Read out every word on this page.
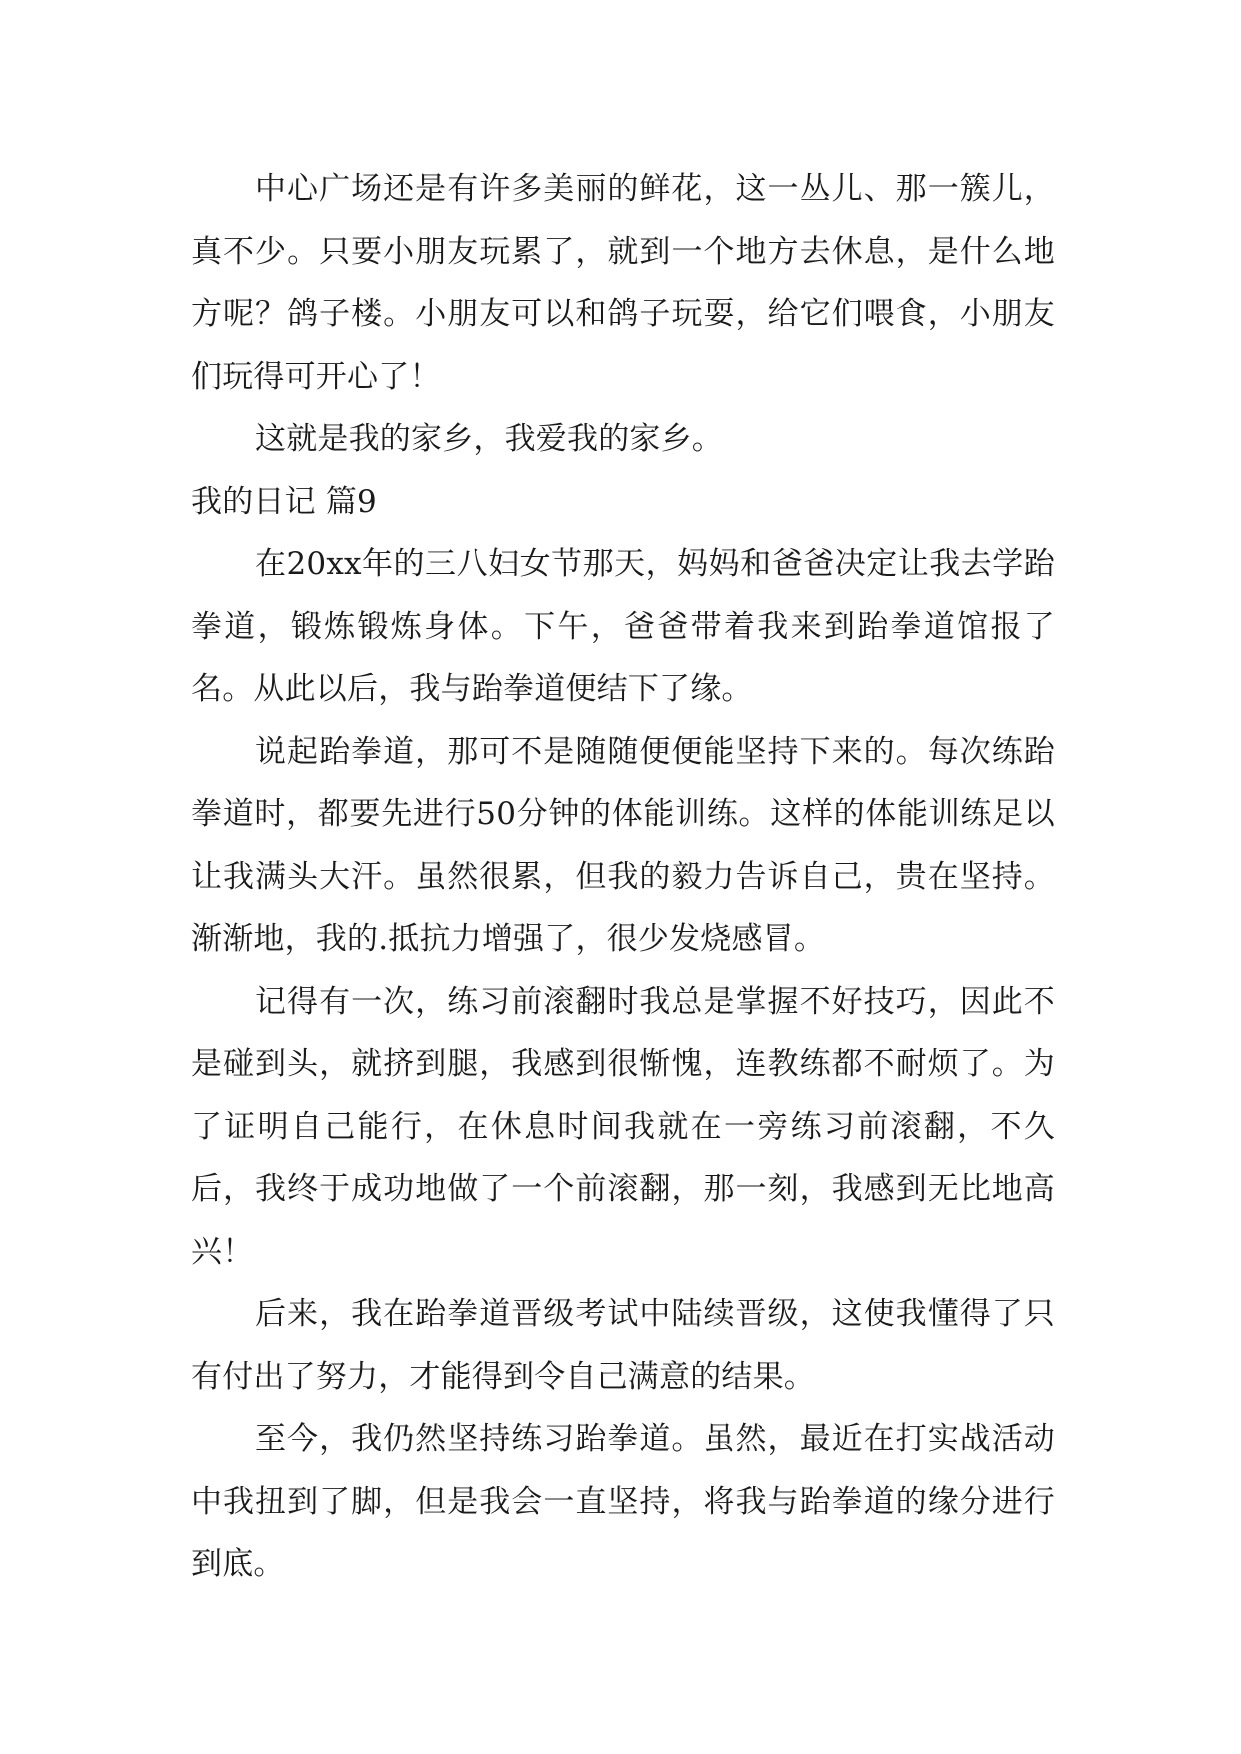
中心广场还是有许多美丽的鲜花，这一丛儿、那一簇儿，真不少。只要小朋友玩累了，就到一个地方去休息，是什么地方呢？鸽子楼。小朋友可以和鸽子玩耍，给它们喂食，小朋友们玩得可开心了！

这就是我的家乡，我爱我的家乡。

我的日记 篇9

在20xx年的三八妇女节那天，妈妈和爸爸决定让我去学跆拳道，锻炼锻炼身体。下午，爸爸带着我来到跆拳道馆报了名。从此以后，我与跆拳道便结下了缘。

说起跆拳道，那可不是随随便便能坚持下来的。每次练跆拳道时，都要先进行50分钟的体能训练。这样的体能训练足以让我满头大汗。虽然很累，但我的毅力告诉自己，贵在坚持。渐渐地，我的.抵抗力增强了，很少发烧感冒。

记得有一次，练习前滚翻时我总是掌握不好技巧，因此不是碰到头，就挤到腿，我感到很惭愧，连教练都不耐烦了。为了证明自己能行，在休息时间我就在一旁练习前滚翻，不久后，我终于成功地做了一个前滚翻，那一刻，我感到无比地高兴！

后来，我在跆拳道晋级考试中陆续晋级，这使我懂得了只有付出了努力，才能得到令自己满意的结果。

至今，我仍然坚持练习跆拳道。虽然，最近在打实战活动中我扭到了脚，但是我会一直坚持，将我与跆拳道的缘分进行到底。
